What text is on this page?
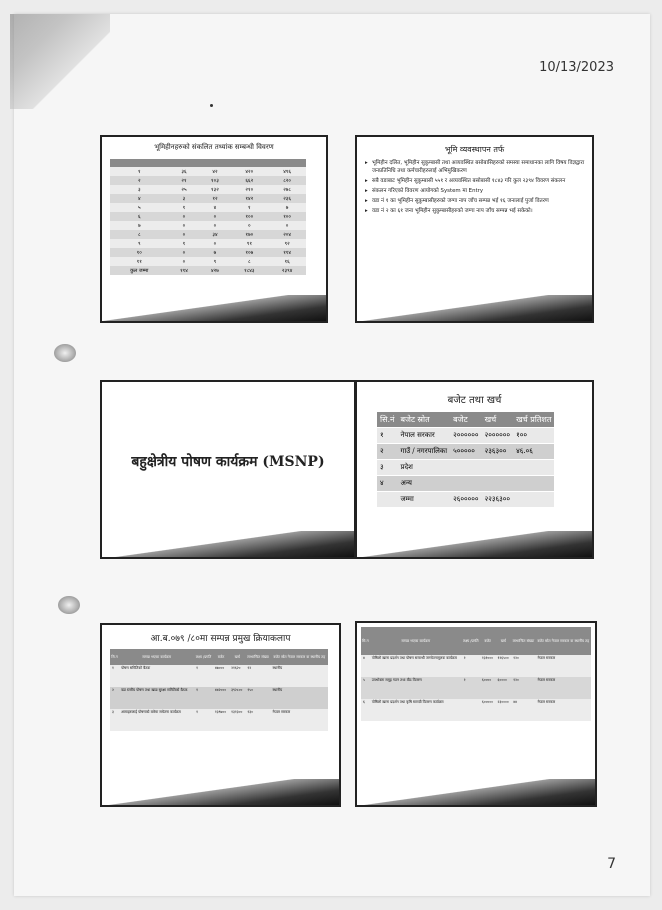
10/13/2023
भूमिहीनहरुको संकलित तथ्यांक सम्बन्धी विवरण

१	३६	४२	४२०	४९६
२	२१	१०३	६६२	८२०
३	२५	१३२	२१०	२७८
४	३	१२	१४२	२३६
५	१	४	१	७
६	०	०	१००	१००
७	०	०	०	०
८	०	३४	१७०	२०४
९	१	०	९१	९२
१०	०	७	१०७	११४
११	०	९	८	१६
कुल जम्मा	११४	४२७	१८४३	२३९४
भूमि व्यवस्थापन तर्फ
▸ भूमिहीन दलित, भूमिहीन सुकुम्बासी तथा अव्यवस्थित बसोबासिहरुको समस्या समाधानका लागि विषय विज्ञद्वारा जनप्रतिनिधि तथा कर्मचारीहरुलाई अभिमुखिकरण
▸ सबै वडाबाट भूमिहीन सुकुम्बासी ५५१ र अव्यवस्थित बसोबासी १८४३ गरि कुल २३९४ विवरण संकलन
▸ संकलन गरिएको विवरण आयोगको System मा Entry
▸ वडा नं १ का भूमिहीन सुकुम्बासीहरुको जग्गा नाप जाँच सम्पन्न भई १६ जनालाई पुर्जा वितरण
▸ वडा नं २ का ६१ जना भूमिहीन सुकुम्बासीहरुको जग्गा नाप जाँच सम्पन्न भई सकेको।
बहुक्षेत्रीय पोषण कार्यक्रम (MSNP)
बजेट तथा खर्च
सि.नं	बजेट स्रोत	बजेट	खर्च	खर्च प्रतिशत
१	नेपाल सरकार	२००००००	२००००००	१००
२	गाउँ / नगरपालिका	५०००००	२३६३००	४६.०६
३	प्रदेश			
४	अन्य			
	जम्मा	२६०००००	२२३६३००	
आ.ब.०७९ /८०मा सम्पन्न प्रमुख क्रियाकलाप
सि.न	सम्पन्न भएका कार्यक्रम	लक्ष्य /प्रगति	बजेट	खर्च	लाभान्वित संख्या	बजेट स्रोत नेपाल सरकार वा स्थानीय तह
१	पोषण समितिको बैठक	१	४७०००	२१६२०	१२	स्थानीय
२	वडा स्तरीय पोषण तथा खाद्य सुरक्षा समितिको बैठक	१	४४२०००	३९२८००	१५०	स्थानीय
३	आमाहरुलाई पोषणको बारेमा सचेतना कार्यक्रम	१	१३९७००	१३१३००	१३०	नेपाल सरकार
सि.न	सम्पन्न भएका कार्यक्रम	लक्ष्य /प्रगति	बजेट	खर्च	लाभान्वित संख्या	बजेट स्रोत नेपाल सरकार वा स्थानीय तह
४	पोषिलो खाना प्रदर्शन तथा पोषण सम्बन्धी जनचेतनामूलक कार्यक्रम	१	१३१०००	१२६५००	१२०	नेपाल सरकार
५	उपभोक्ता समूह गठन तथा बीउ वितरण	१	६००००	६००००	१२०	नेपाल सरकार
६	पोषिलो खाना प्रदर्शन तथा कृषि सामग्री वितरण कार्यक्रम		६०००००	२३००००	४४	नेपाल सरकार
7
